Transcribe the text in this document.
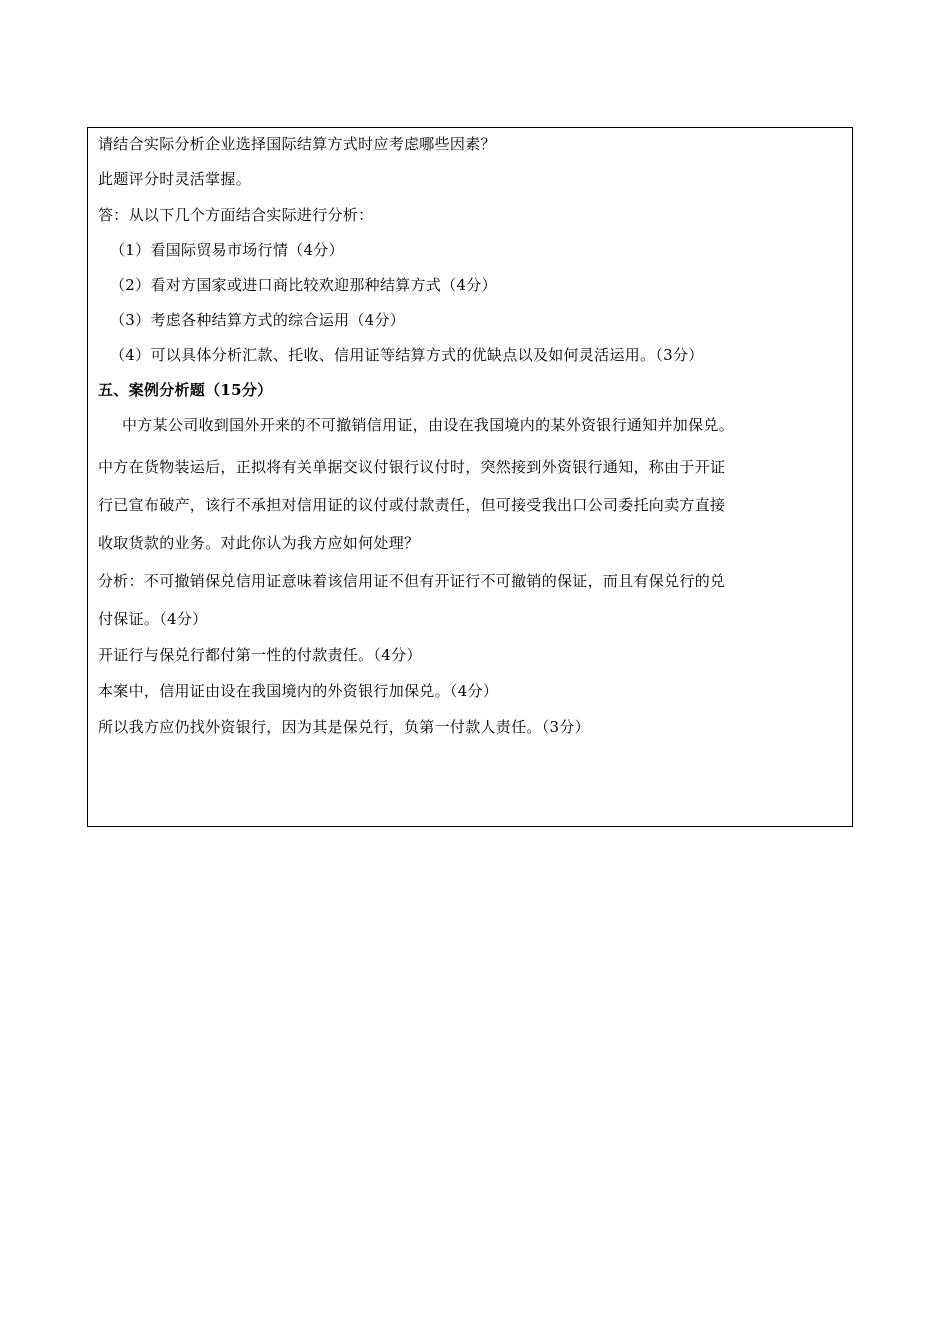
请结合实际分析企业选择国际结算方式时应考虑哪些因素？
此题评分时灵活掌握。
答：从以下几个方面结合实际进行分析：
（1）看国际贸易市场行情（4分）
（2）看对方国家或进口商比较欢迎那种结算方式（4分）
（3）考虑各种结算方式的综合运用（4分）
（4）可以具体分析汇款、托收、信用证等结算方式的优缺点以及如何灵活运用。（3分）
五、案例分析题（15分）
中方某公司收到国外开来的不可撤销信用证，由设在我国境内的某外资银行通知并加保兑。
中方在货物装运后，正拟将有关单据交议付银行议付时，突然接到外资银行通知，称由于开证
行已宣布破产，该行不承担对信用证的议付或付款责任，但可接受我出口公司委托向卖方直接
收取货款的业务。对此你认为我方应如何处理？
分析：不可撤销保兑信用证意味着该信用证不但有开证行不可撤销的保证，而且有保兑行的兑
付保证。（4分）
开证行与保兑行都付第一性的付款责任。（4分）
本案中，信用证由设在我国境内的外资银行加保兑。（4分）
所以我方应仍找外资银行，因为其是保兑行，负第一付款人责任。（3分）
